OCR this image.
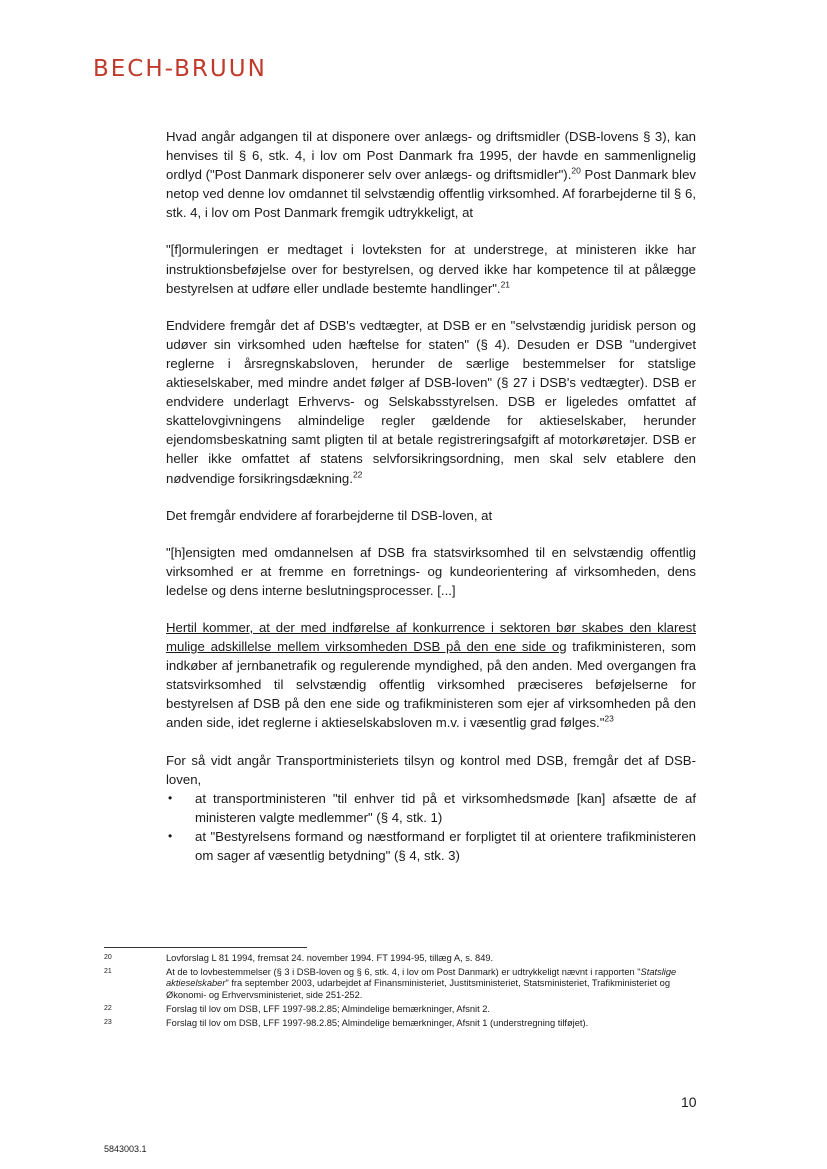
BECH-BRUUN

Hvad angår adgangen til at disponere over anlægs- og driftsmidler (DSB-lovens § 3), kan henvises til § 6, stk. 4, i lov om Post Danmark fra 1995, der havde en sammenlignelig ordlyd ("Post Danmark disponerer selv over anlægs- og driftsmidler").$^{20}$ Post Danmark blev netop ved denne lov omdannet til selvstændig offentlig virksomhed. Af forarbejderne til § 6, stk. 4, i lov om Post Danmark fremgik udtrykkeligt, at

"[f]ormuleringen er medtaget i lovteksten for at understrege, at ministeren ikke har instruktionsbeføjelse over for bestyrelsen, og derved ikke har kompetence til at pålægge bestyrelsen at udføre eller undlade bestemte handlinger".$^{21}$

Endvidere fremgår det af DSB's vedtægter, at DSB er en "selvstændig juridisk person og udøver sin virksomhed uden hæftelse for staten" (§ 4). Desuden er DSB "undergivet reglerne i årsregnskabsloven, herunder de særlige bestemmelser for statslige aktieselskaber, med mindre andet følger af DSB-loven" (§ 27 i DSB's vedtægter). DSB er endvidere underlagt Erhvervs- og Selskabsstyrelsen. DSB er ligeledes omfattet af skattelovgivningens almindelige regler gældende for aktieselskaber, herunder ejendomsbeskatning samt pligten til at betale registreringsafgift af motorkøretøjer. DSB er heller ikke omfattet af statens selvforsikringsordning, men skal selv etablere den nødvendige forsikringsdækning.$^{22}$

Det fremgår endvidere af forarbejderne til DSB-loven, at

"[h]ensigten med omdannelsen af DSB fra statsvirksomhed til en selvstændig offentlig virksomhed er at fremme en forretnings- og kundeorientering af virksomheden, dens ledelse og dens interne beslutningsprocesser. [...]

Hertil kommer, at der med indførelse af konkurrence i sektoren bør skabes den klarest mulige adskillelse mellem virksomheden DSB på den ene side og trafikministeren, som indkøber af jernbanetrafik og regulerende myndighed, på den anden. Med overgangen fra statsvirksomhed til selvstændig offentlig virksomhed præciseres beføjelserne for bestyrelsen af DSB på den ene side og trafikministeren som ejer af virksomheden på den anden side, idet reglerne i aktieselskabsloven m.v. i væsentlig grad følges."$^{23}$

For så vidt angår Transportministeriets tilsyn og kontrol med DSB, fremgår det af DSB-loven,

• at transportministeren "til enhver tid på et virksomhedsmøde [kan] afsætte de af ministeren valgte medlemmer" (§ 4, stk. 1)
• at "Bestyrelsens formand og næstformand er forpligtet til at orientere trafikministeren om sager af væsentlig betydning" (§ 4, stk. 3)
20	Lovforslag L 81 1994, fremsat 24. november 1994. FT 1994-95, tillæg A, s. 849.
21	At de to lovbestemmelser (§ 3 i DSB-loven og § 6, stk. 4, i lov om Post Danmark) er udtrykkeligt nævnt i rapporten "Statslige aktieselskaber" fra september 2003, udarbejdet af Finansministeriet, Justitsministeriet, Statsministeriet, Trafikministeriet og Økonomi- og Erhvervsministeriet, side 251-252.
22	Forslag til lov om DSB, LFF 1997-98.2.85; Almindelige bemærkninger, Afsnit 2.
23	Forslag til lov om DSB, LFF 1997-98.2.85; Almindelige bemærkninger, Afsnit 1 (understregning tilføjet).
10
5843003.1
